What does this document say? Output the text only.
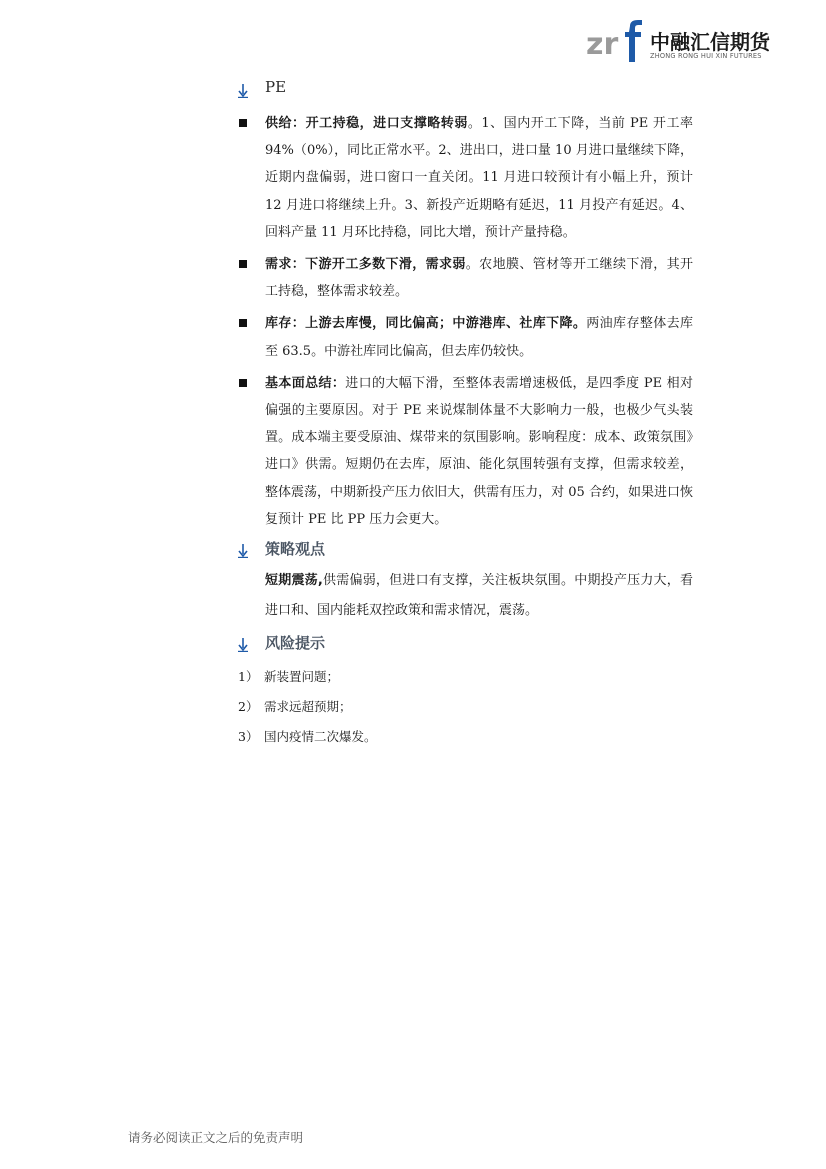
zr 中融汇信期货
ZHONG RONG HUI XIN FUTURES
PE
供给：开工持稳，进口支撑略转弱。1、国内开工下降，当前 PE 开工率 94%（0%），同比正常水平。2、进出口，进口量 10 月进口量继续下降，近期内盘偏弱，进口窗口一直关闭。11 月进口较预计有小幅上升，预计 12 月进口将继续上升。3、新投产近期略有延迟，11 月投产有延迟。4、回料产量 11 月环比持稳，同比大增，预计产量持稳。
需求：下游开工多数下滑，需求弱。农地膜、管材等开工继续下滑，其开工持稳，整体需求较差。
库存：上游去库慢，同比偏高；中游港库、社库下降。两油库存整体去库至 63.5。中游社库同比偏高，但去库仍较快。
基本面总结：进口的大幅下滑，至整体表需增速极低，是四季度 PE 相对偏强的主要原因。对于 PE 来说煤制体量不大影响力一般，也极少气头装置。成本端主要受原油、煤带来的氛围影响。影响程度：成本、政策氛围》进口》供需。短期仍在去库，原油、能化氛围转强有支撑，但需求较差，整体震荡，中期新投产压力依旧大，供需有压力，对 05 合约，如果进口恢复预计 PE 比 PP 压力会更大。
策略观点
短期震荡,供需偏弱，但进口有支撑，关注板块氛围。中期投产压力大，看进口和、国内能耗双控政策和需求情况，震荡。
风险提示
1） 新装置问题；
2） 需求远超预期；
3） 国内疫情二次爆发。
请务必阅读正文之后的免责声明
